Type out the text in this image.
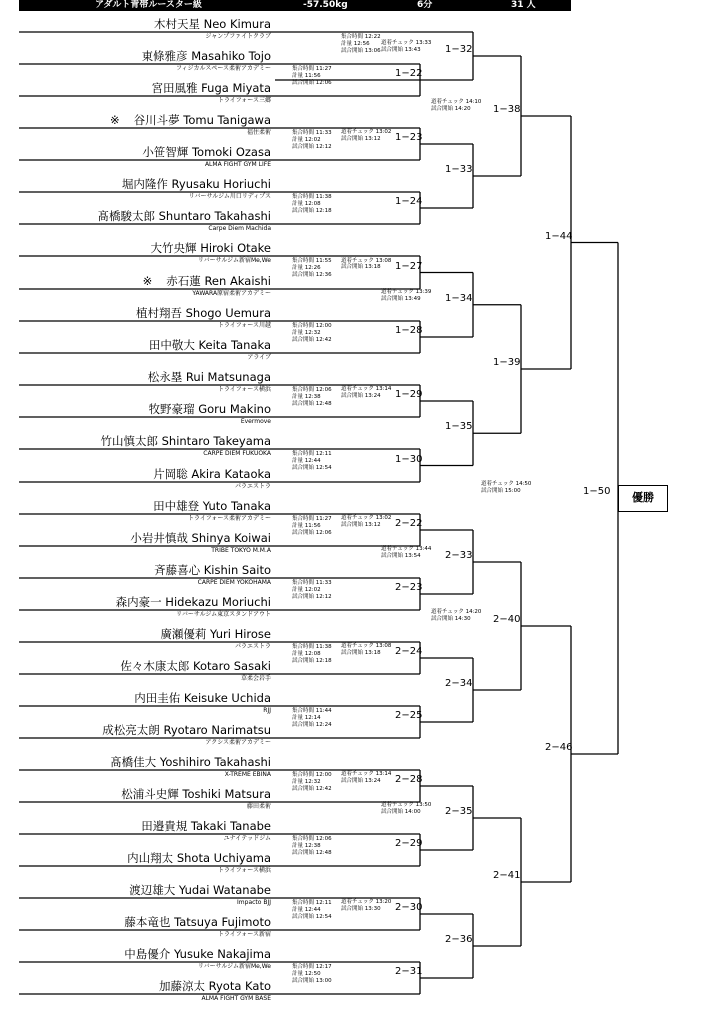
アダルト青帯ルースター級	-57.50kg	6分	31 人
木村天星 Neo Kimura
ジャンプファイトクラブ
東條雅彦 Masahiko Tojo
フィジカルスペース柔術アカデミー
宮田風雅 Fuga Miyata
トライフォース三郷
※ 谷川斗夢 Tomu Tanigawa
福住柔術
小笹智輝 Tomoki Ozasa
ALMA FIGHT GYM LIFE
堀内隆作 Ryusaku Horiuchi
リバーサルジム川口リディプス
髙橋駿太郎 Shuntaro Takahashi
Carpe Diem Machida
大竹央輝 Hiroki Otake
リバーサルジム新宿Me,We
※ 赤石蓮 Ren Akaishi
YAWARA原宿柔術アカデミー
植村翔吾 Shogo Uemura
トライフォース川越
田中敬大 Keita Tanaka
アライブ
松永塁 Rui Matsunaga
トライフォース横浜
牧野豪瑠 Goru Makino
Evermove
竹山慎太郎 Shintaro Takeyama
CARPE DIEM FUKUOKA
片岡聡 Akira Kataoka
パラエストラ
田中雄登 Yuto Tanaka
トライフォース柔術アカデミー
小岩井慎哉 Shinya Koiwai
TRIBE TOKYO M.M.A
斉藤喜心 Kishin Saito
CARPE DIEM YOKOHAMA
森内豪一 Hidekazu Moriuchi
リバーサルジム東京スタンドアウト
廣瀬優莉 Yuri Hirose
パラエストラ
佐々木康太郎 Kotaro Sasaki
草柔会岩手
内田圭佑 Keisuke Uchida
RJJ
成松亮太朗 Ryotaro Narimatsu
アクシス柔術アカデミー
髙橋佳大 Yoshihiro Takahashi
X-TREME EBINA
松浦斗史輝 Toshiki Matsura
藤田柔術
田邉貴規 Takaki Tanabe
ユナイテッドジム
内山翔太 Shota Uchiyama
トライフォース横浜
渡辺雄大 Yudai Watanabe
Impacto BJJ
藤本竜也 Tatsuya Fujimoto
トライフォース新宿
中島優介 Yusuke Nakajima
リバーサルジム新宿Me,We
加藤涼太 Ryota Kato
ALMA FIGHT GYM BASE
1−22
集合時間 11:27
計量 11:56
試合開始 12:06
1−23
集合時間 11:33
計量 12:02
試合開始 12:12
1−24
集合時間 11:38
計量 12:08
試合開始 12:18
1−27
集合時間 11:55
計量 12:26
試合開始 12:36
1−28
集合時間 12:00
計量 12:32
試合開始 12:42
1−29
集合時間 12:06
計量 12:38
試合開始 12:48
1−30
集合時間 12:11
計量 12:44
試合開始 12:54
2−22
集合時間 11:27
計量 11:56
試合開始 12:06
2−23
集合時間 11:33
計量 12:02
試合開始 12:12
2−24
集合時間 11:38
計量 12:08
試合開始 12:18
2−25
集合時間 11:44
計量 12:14
試合開始 12:24
2−28
集合時間 12:00
計量 12:32
試合開始 12:42
2−29
集合時間 12:06
計量 12:38
試合開始 12:48
2−30
集合時間 12:11
計量 12:44
試合開始 12:54
2−31
集合時間 12:17
計量 12:50
試合開始 13:00
1−32
集合時間 12:22
計量 12:56
試合開始 13:06
1−33
道着チェック 13:02
試合開始 13:12
1−34
道着チェック 13:08
試合開始 13:18
1−35
道着チェック 13:14
試合開始 13:24
2−33
道着チェック 13:02
試合開始 13:12
2−34
道着チェック 13:08
試合開始 13:18
2−35
道着チェック 13:14
試合開始 13:24
2−36
道着チェック 13:20
試合開始 13:30
1−38
道着チェック 13:33
試合開始 13:43
1−39
道着チェック 13:39
試合開始 13:49
2−40
道着チェック 13:44
試合開始 13:54
2−41
道着チェック 13:50
試合開始 14:00
1−44
道着チェック 14:10
試合開始 14:20
2−46
道着チェック 14:20
試合開始 14:30
1−50
道着チェック 14:50
試合開始 15:00	優勝
